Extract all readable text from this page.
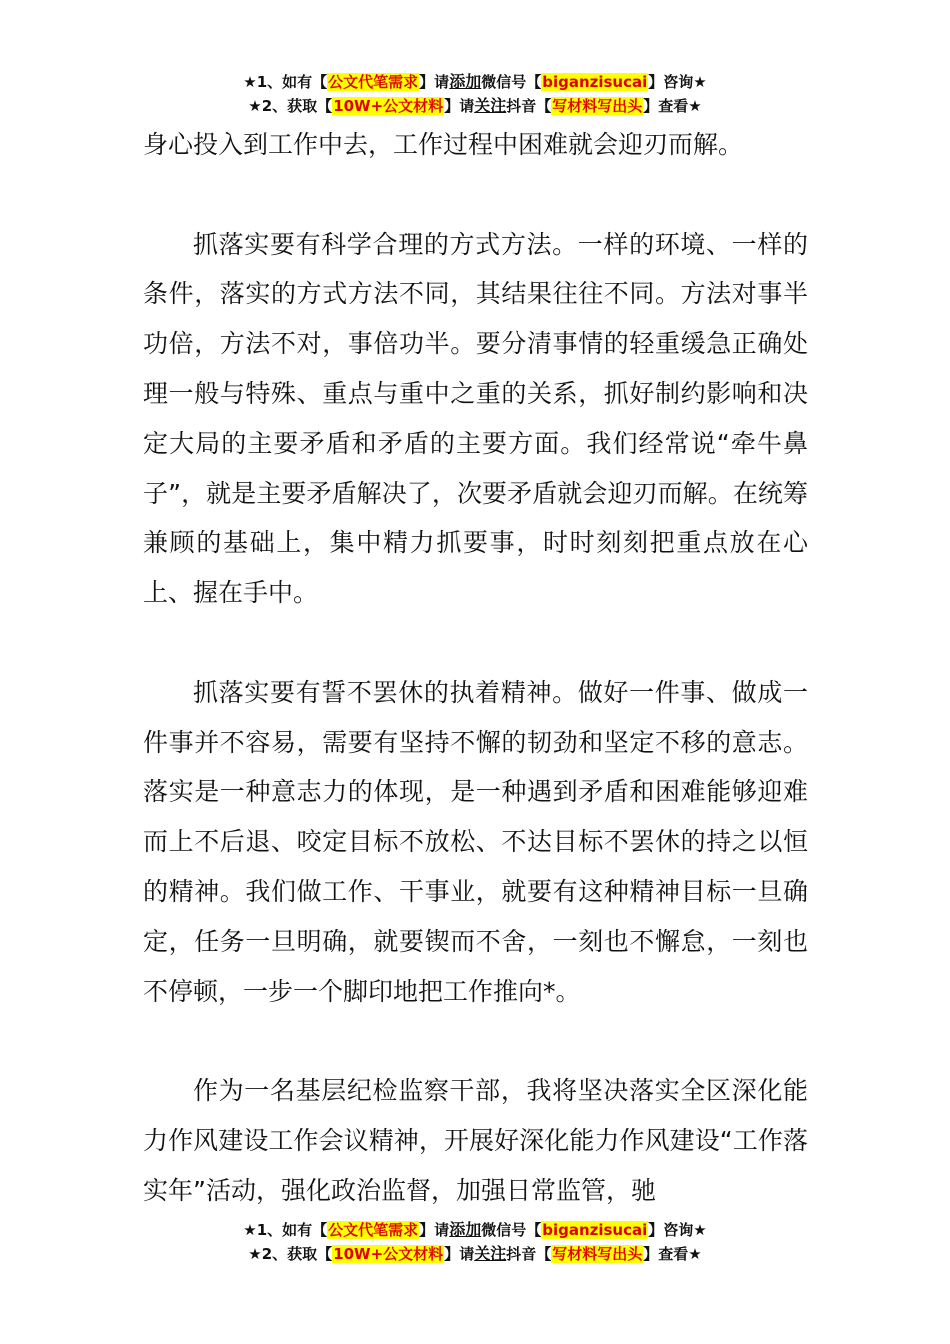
★1、如有【公文代笔需求】请添加微信号【biganzisucai】咨询★
★2、获取【10W+公文材料】请关注抖音【写材料写出头】查看★

身心投入到工作中去，工作过程中困难就会迎刃而解。

抓落实要有科学合理的方式方法。一样的环境、一样的条件，落实的方式方法不同，其结果往往不同。方法对事半功倍，方法不对，事倍功半。要分清事情的轻重缓急正确处理一般与特殊、重点与重中之重的关系，抓好制约影响和决定大局的主要矛盾和矛盾的主要方面。我们经常说“牵牛鼻子”，就是主要矛盾解决了，次要矛盾就会迎刃而解。在统筹兼顾的基础上，集中精力抓要事，时时刻刻把重点放在心上、握在手中。

抓落实要有誓不罢休的执着精神。做好一件事、做成一件事并不容易，需要有坚持不懈的韧劲和坚定不移的意志。落实是一种意志力的体现，是一种遇到矛盾和困难能够迎难而上不后退、咬定目标不放松、不达目标不罢休的持之以恒的精神。我们做工作、干事业，就要有这种精神目标一旦确定，任务一旦明确，就要锲而不舍，一刻也不懈怠，一刻也不停顿，一步一个脚印地把工作推向*。

作为一名基层纪检监察干部，我将坚决落实全区深化能力作风建设工作会议精神，开展好深化能力作风建设“工作落实年”活动，强化政治监督，加强日常监管，驰

★1、如有【公文代笔需求】请添加微信号【biganzisucai】咨询★
★2、获取【10W+公文材料】请关注抖音【写材料写出头】查看★
